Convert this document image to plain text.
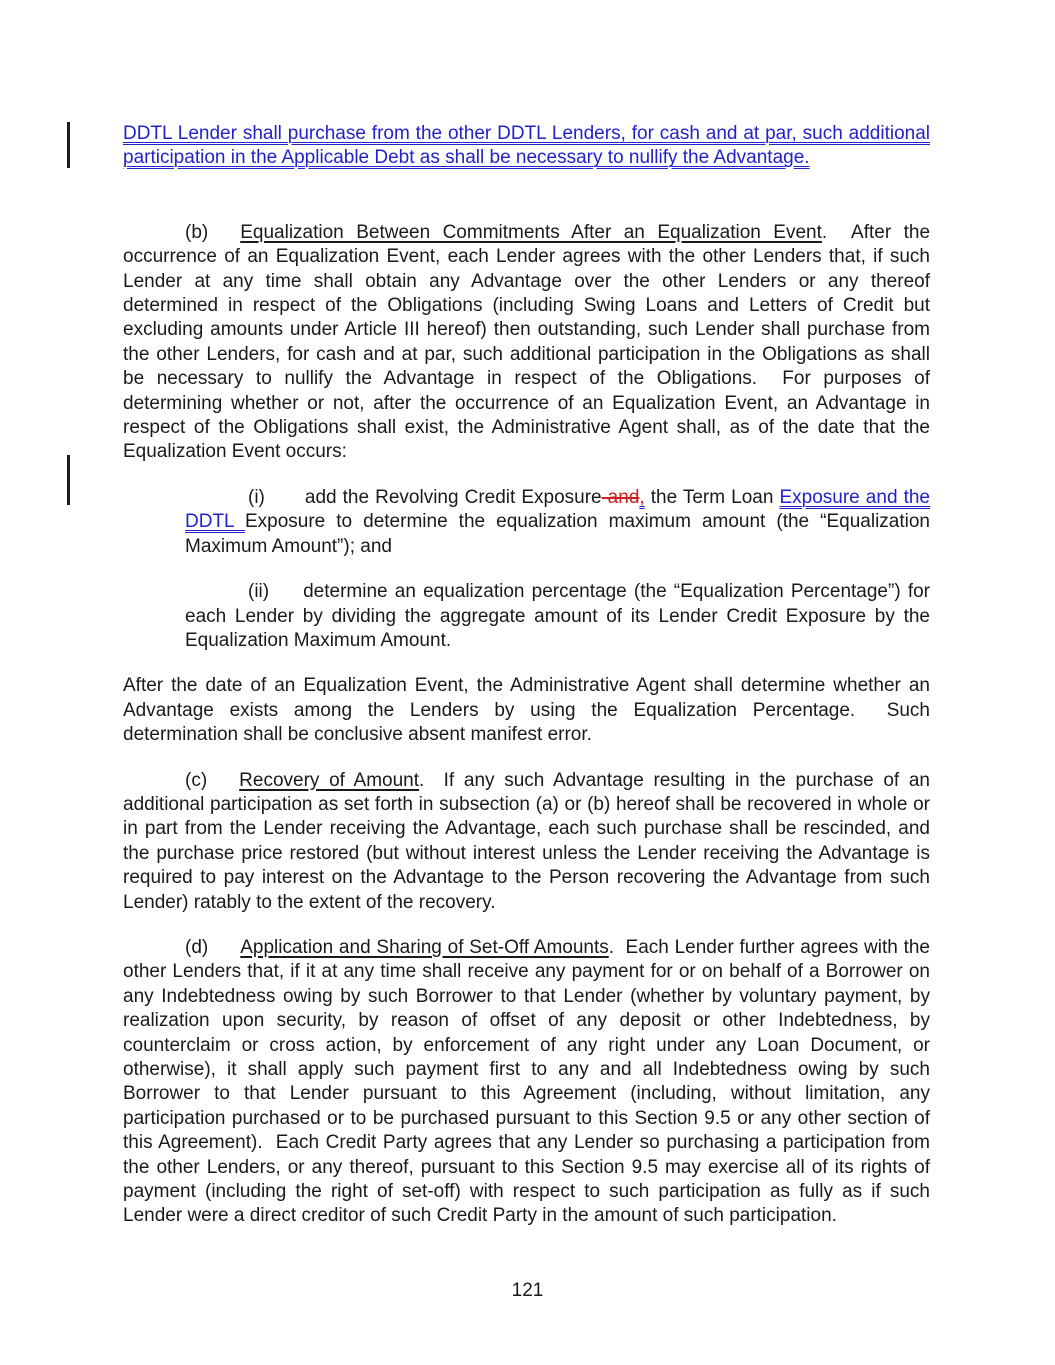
DDTL Lender shall purchase from the other DDTL Lenders, for cash and at par, such additional participation in the Applicable Debt as shall be necessary to nullify the Advantage.

(b) Equalization Between Commitments After an Equalization Event.  After the occurrence of an Equalization Event, each Lender agrees with the other Lenders that, if such Lender at any time shall obtain any Advantage over the other Lenders or any thereof determined in respect of the Obligations (including Swing Loans and Letters of Credit but excluding amounts under Article III hereof) then outstanding, such Lender shall purchase from the other Lenders, for cash and at par, such additional participation in the Obligations as shall be necessary to nullify the Advantage in respect of the Obligations.  For purposes of determining whether or not, after the occurrence of an Equalization Event, an Advantage in respect of the Obligations shall exist, the Administrative Agent shall, as of the date that the Equalization Event occurs:

(i) add the Revolving Credit Exposure and, the Term Loan Exposure and the DDTL Exposure to determine the equalization maximum amount (the “Equalization Maximum Amount”); and

(ii) determine an equalization percentage (the “Equalization Percentage”) for each Lender by dividing the aggregate amount of its Lender Credit Exposure by the Equalization Maximum Amount.

After the date of an Equalization Event, the Administrative Agent shall determine whether an Advantage exists among the Lenders by using the Equalization Percentage.  Such determination shall be conclusive absent manifest error.

(c) Recovery of Amount.  If any such Advantage resulting in the purchase of an additional participation as set forth in subsection (a) or (b) hereof shall be recovered in whole or in part from the Lender receiving the Advantage, each such purchase shall be rescinded, and the purchase price restored (but without interest unless the Lender receiving the Advantage is required to pay interest on the Advantage to the Person recovering the Advantage from such Lender) ratably to the extent of the recovery.

(d) Application and Sharing of Set-Off Amounts.  Each Lender further agrees with the other Lenders that, if it at any time shall receive any payment for or on behalf of a Borrower on any Indebtedness owing by such Borrower to that Lender (whether by voluntary payment, by realization upon security, by reason of offset of any deposit or other Indebtedness, by counterclaim or cross action, by enforcement of any right under any Loan Document, or otherwise), it shall apply such payment first to any and all Indebtedness owing by such Borrower to that Lender pursuant to this Agreement (including, without limitation, any participation purchased or to be purchased pursuant to this Section 9.5 or any other section of this Agreement).  Each Credit Party agrees that any Lender so purchasing a participation from the other Lenders, or any thereof, pursuant to this Section 9.5 may exercise all of its rights of payment (including the right of set-off) with respect to such participation as fully as if such Lender were a direct creditor of such Credit Party in the amount of such participation.

121
